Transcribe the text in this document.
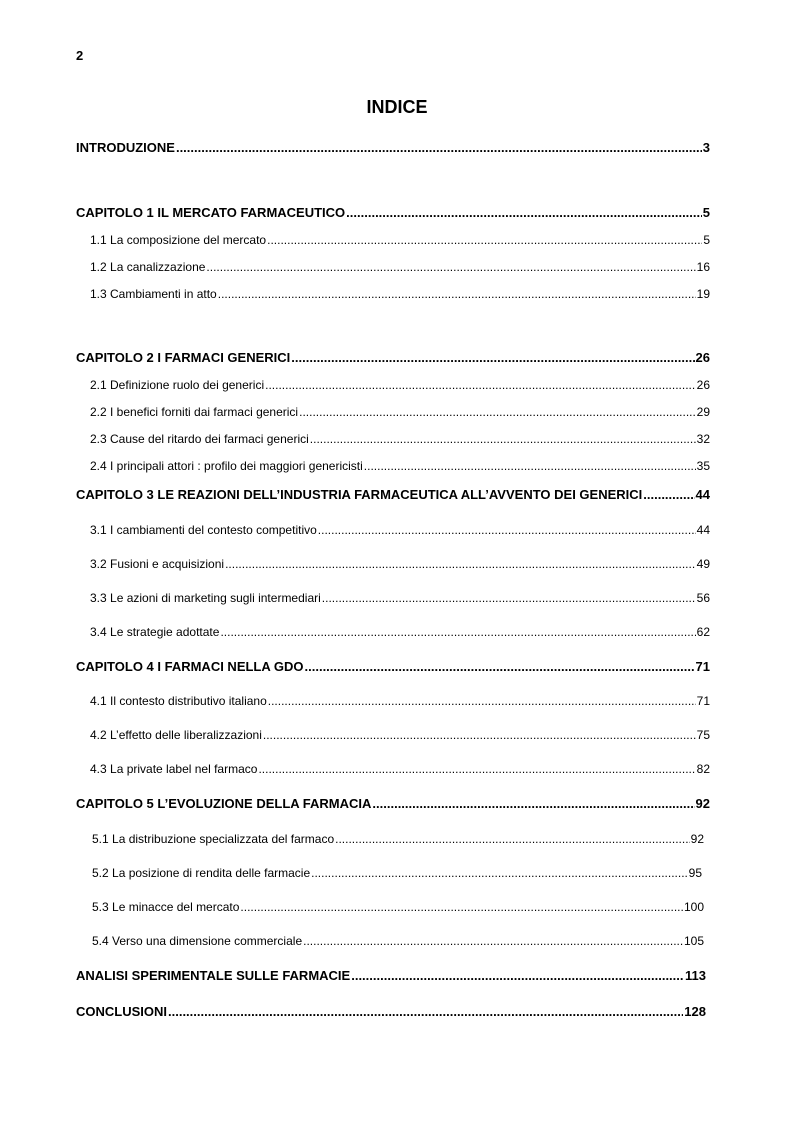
2
INDICE
INTRODUZIONE .....	3
CAPITOLO 1 IL MERCATO FARMACEUTICO .....	5
1.1 La composizione del mercato .....	5
1.2 La canalizzazione .....	16
1.3 Cambiamenti in atto .....	19
CAPITOLO 2 I FARMACI GENERICI .....	26
2.1 Definizione ruolo dei generici .....	26
2.2 I benefici forniti dai farmaci generici .....	29
2.3 Cause del ritardo dei farmaci generici .....	32
2.4 I principali attori : profilo dei maggiori genericisti .....	35
CAPITOLO 3 LE REAZIONI DELL’INDUSTRIA FARMACEUTICA ALL’AVVENTO DEI GENERICI .....	44
3.1 I cambiamenti del contesto competitivo .....	44
3.2 Fusioni e acquisizioni .....	49
3.3 Le azioni di marketing sugli intermediari .....	56
3.4 Le strategie adottate .....	62
CAPITOLO 4 I FARMACI NELLA GDO .....	71
4.1 Il contesto distributivo italiano .....	71
4.2 L’effetto delle liberalizzazioni .....	75
4.3 La private label nel farmaco .....	82
CAPITOLO 5 L’EVOLUZIONE DELLA FARMACIA .....	92
5.1 La distribuzione specializzata del farmaco .....	92
5.2 La posizione di rendita delle farmacie .....	95
5.3 Le minacce del mercato .....	100
5.4 Verso una dimensione commerciale .....	105
ANALISI SPERIMENTALE SULLE FARMACIE .....	113
CONCLUSIONI .....	128
